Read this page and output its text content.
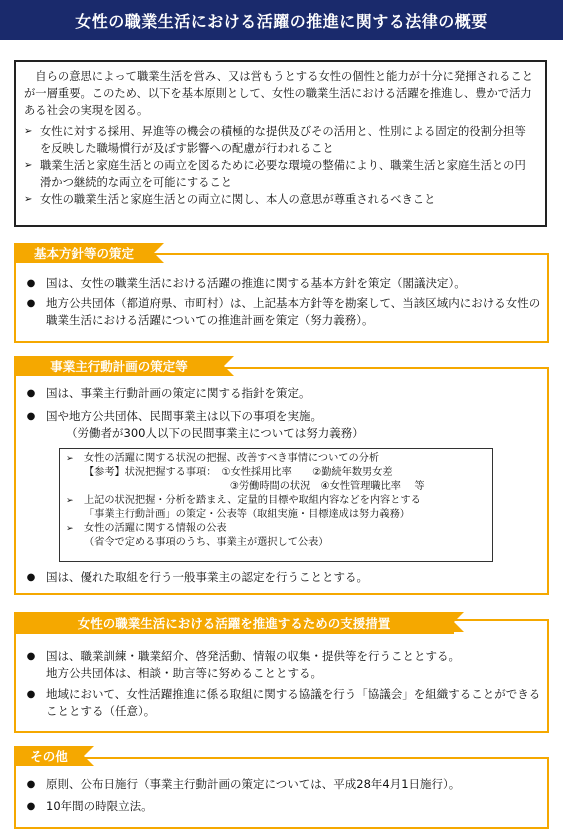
女性の職業生活における活躍の推進に関する法律の概要
自らの意思によって職業生活を営み、又は営もうとする女性の個性と能力が十分に発揮されることが一層重要。このため、以下を基本原則として、女性の職業生活における活躍を推進し、豊かで活力ある社会の実現を図る。
➢ 女性に対する採用、昇進等の機会の積極的な提供及びその活用と、性別による固定的役割分担等を反映した職場慣行が及ぼす影響への配慮が行われること
➢ 職業生活と家庭生活との両立を図るために必要な環境の整備により、職業生活と家庭生活との円滑かつ継続的な両立を可能にすること
➢ 女性の職業生活と家庭生活との両立に関し、本人の意思が尊重されるべきこと
基本方針等の策定
● 国は、女性の職業生活における活躍の推進に関する基本方針を策定（閣議決定）。
● 地方公共団体（都道府県、市町村）は、上記基本方針等を勘案して、当該区域内における女性の職業生活における活躍についての推進計画を策定（努力義務）。
事業主行動計画の策定等
● 国は、事業主行動計画の策定に関する指針を策定。
● 国や地方公共団体、民間事業主は以下の事項を実施。
（労働者が300人以下の民間事業主については努力義務）
➢	女性の活躍に関する状況の把握、改善すべき事情についての分析
【参考】状況把握する事項：　①女性採用比率　　②勤続年数男女差
　　　　　　　　　　　　　　 ③労働時間の状況　④女性管理職比率　 等
➢	上記の状況把握・分析を踏まえ、定量的目標や取組内容などを内容とする
「事業主行動計画」の策定・公表等（取組実施・目標達成は努力義務）
➢	女性の活躍に関する情報の公表
（省令で定める事項のうち、事業主が選択して公表）
● 国は、優れた取組を行う一般事業主の認定を行うこととする。
女性の職業生活における活躍を推進するための支援措置
● 国は、職業訓練・職業紹介、啓発活動、情報の収集・提供等を行うこととする。
地方公共団体は、相談・助言等に努めることとする。
● 地域において、女性活躍推進に係る取組に関する協議を行う「協議会」を組織することができることとする（任意）。
その他
● 原則、公布日施行（事業主行動計画の策定については、平成28年4月1日施行）。
● 10年間の時限立法。
